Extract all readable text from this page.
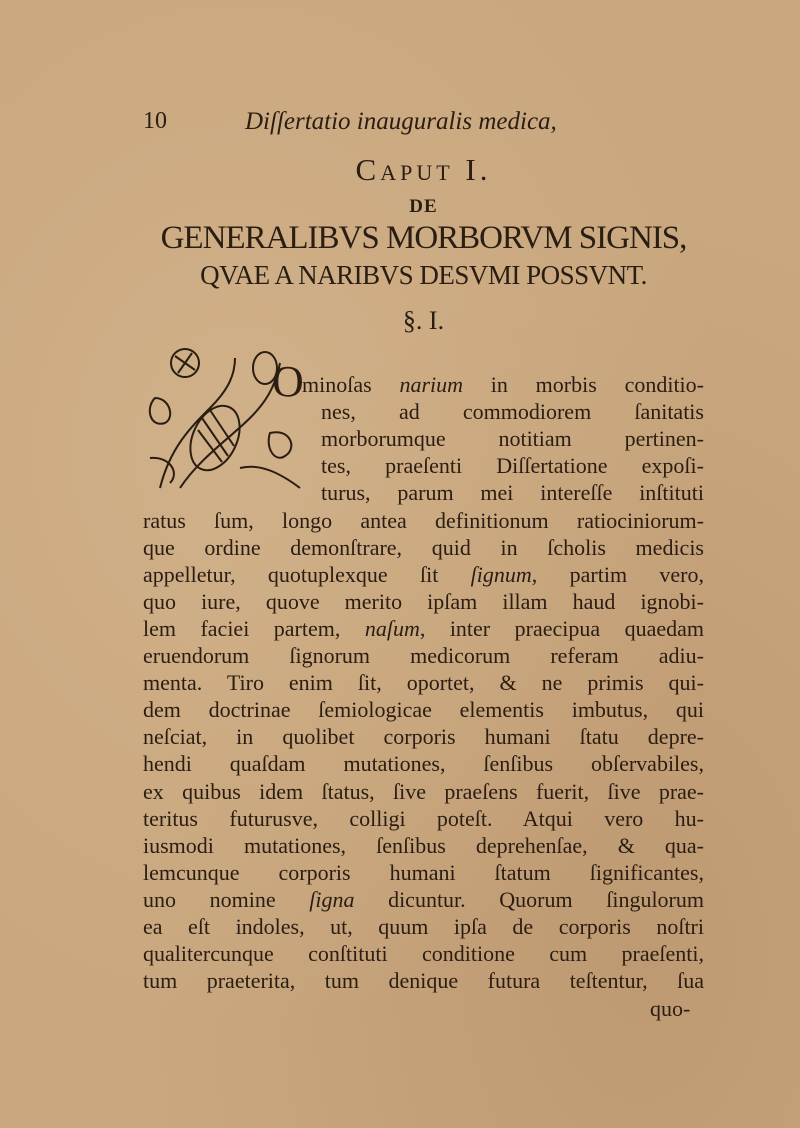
10	Diſſertatio inauguralis medica,
Caput I.
DE
GENERALIBVS MORBORVM SIGNIS,
QVAE A NARIBVS DESVMI POSSVNT.
§. I.
O
minoſas narium in morbis conditio-
nes, ad commodiorem ſanitatis
morborumque notitiam pertinen-
tes, praeſenti Diſſertatione expoſi-
turus, parum mei intereſſe inſtituti
ratus ſum, longo antea definitionum ratiociniorum-
que ordine demonſtrare, quid in ſcholis medicis
appelletur, quotuplexque ſit ſignum, partim vero,
quo iure, quove merito ipſam illam haud ignobi-
lem faciei partem, naſum, inter praecipua quaedam
eruendorum ſignorum medicorum referam adiu-
menta. Tiro enim ſit, oportet, & ne primis qui-
dem doctrinae ſemiologicae elementis imbutus, qui
neſciat, in quolibet corporis humani ſtatu depre-
hendi quaſdam mutationes, ſenſibus obſervabiles,
ex quibus idem ſtatus, ſive praeſens fuerit, ſive prae-
teritus futurusve, colligi poteſt. Atqui vero hu-
iusmodi mutationes, ſenſibus deprehenſae, & qua-
lemcunque corporis humani ſtatum ſignificantes,
uno nomine ſigna dicuntur. Quorum ſingulorum
ea eſt indoles, ut, quum ipſa de corporis noſtri
qualitercunque conſtituti conditione cum praeſenti,
tum praeterita, tum denique futura teſtentur, ſua
quo-
